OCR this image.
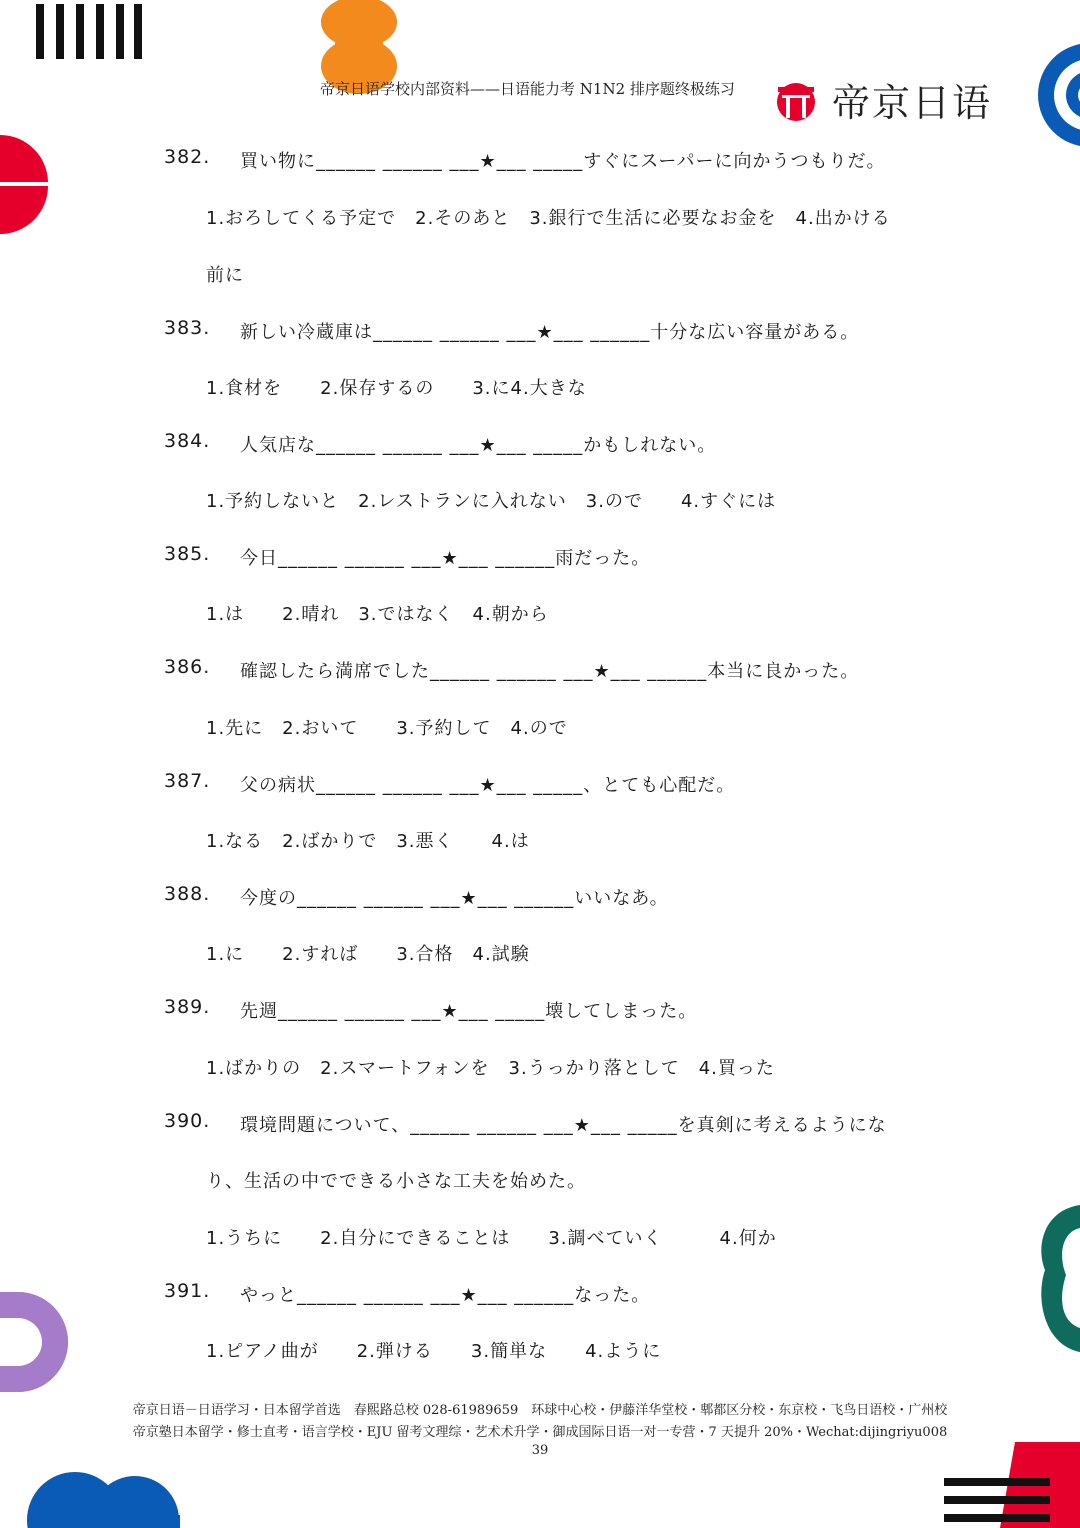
帝京日语学校内部资料——日语能力考 N1N2 排序题终极练习	帝京日语
382. 買い物に______ ______ ___★___ _____すぐにスーパーに向かうつもりだ。
1.おろしてくる予定で　2.そのあと　3.銀行で生活に必要なお金を　4.出かける
前に
383. 新しい冷蔵庫は______ ______ ___★___ ______十分な広い容量がある。
1.食材を　　2.保存するの　　3.に4.大きな
384. 人気店な______ ______ ___★___ _____かもしれない。
1.予約しないと　2.レストランに入れない　3.ので　　4.すぐには
385. 今日______ ______ ___★___ ______雨だった。
1.は　　2.晴れ　3.ではなく　4.朝から
386. 確認したら満席でした______ ______ ___★___ ______本当に良かった。
1.先に　2.おいて　　3.予約して　4.ので
387. 父の病状______ ______ ___★___ _____、とても心配だ。
1.なる　2.ばかりで　3.悪く　　4.は
388. 今度の______ ______ ___★___ ______いいなあ。
1.に　　2.すれば　　3.合格　4.試験
389. 先週______ ______ ___★___ _____壊してしまった。
1.ばかりの　2.スマートフォンを　3.うっかり落として　4.買った
390. 環境問題について、______ ______ ___★___ _____を真剣に考えるようにな
り、生活の中でできる小さな工夫を始めた。
1.うちに　　2.自分にできることは　　3.調べていく　　　4.何か
391. やっと______ ______ ___★___ ______なった。
1.ピアノ曲が　　2.弾ける　　3.簡単な　　4.ように
帝京日语－日语学习・日本留学首选　春熙路总校 028-61989659　环球中心校・伊藤洋华堂校・郫都区分校・东京校・飞鸟日语校・广州校
帝京塾日本留学・修士直考・语言学校・EJU 留考文理综・艺术术升学・御成国际日语一对一专营・7 天提升 20%・Wechat:dijingriyu008
39
